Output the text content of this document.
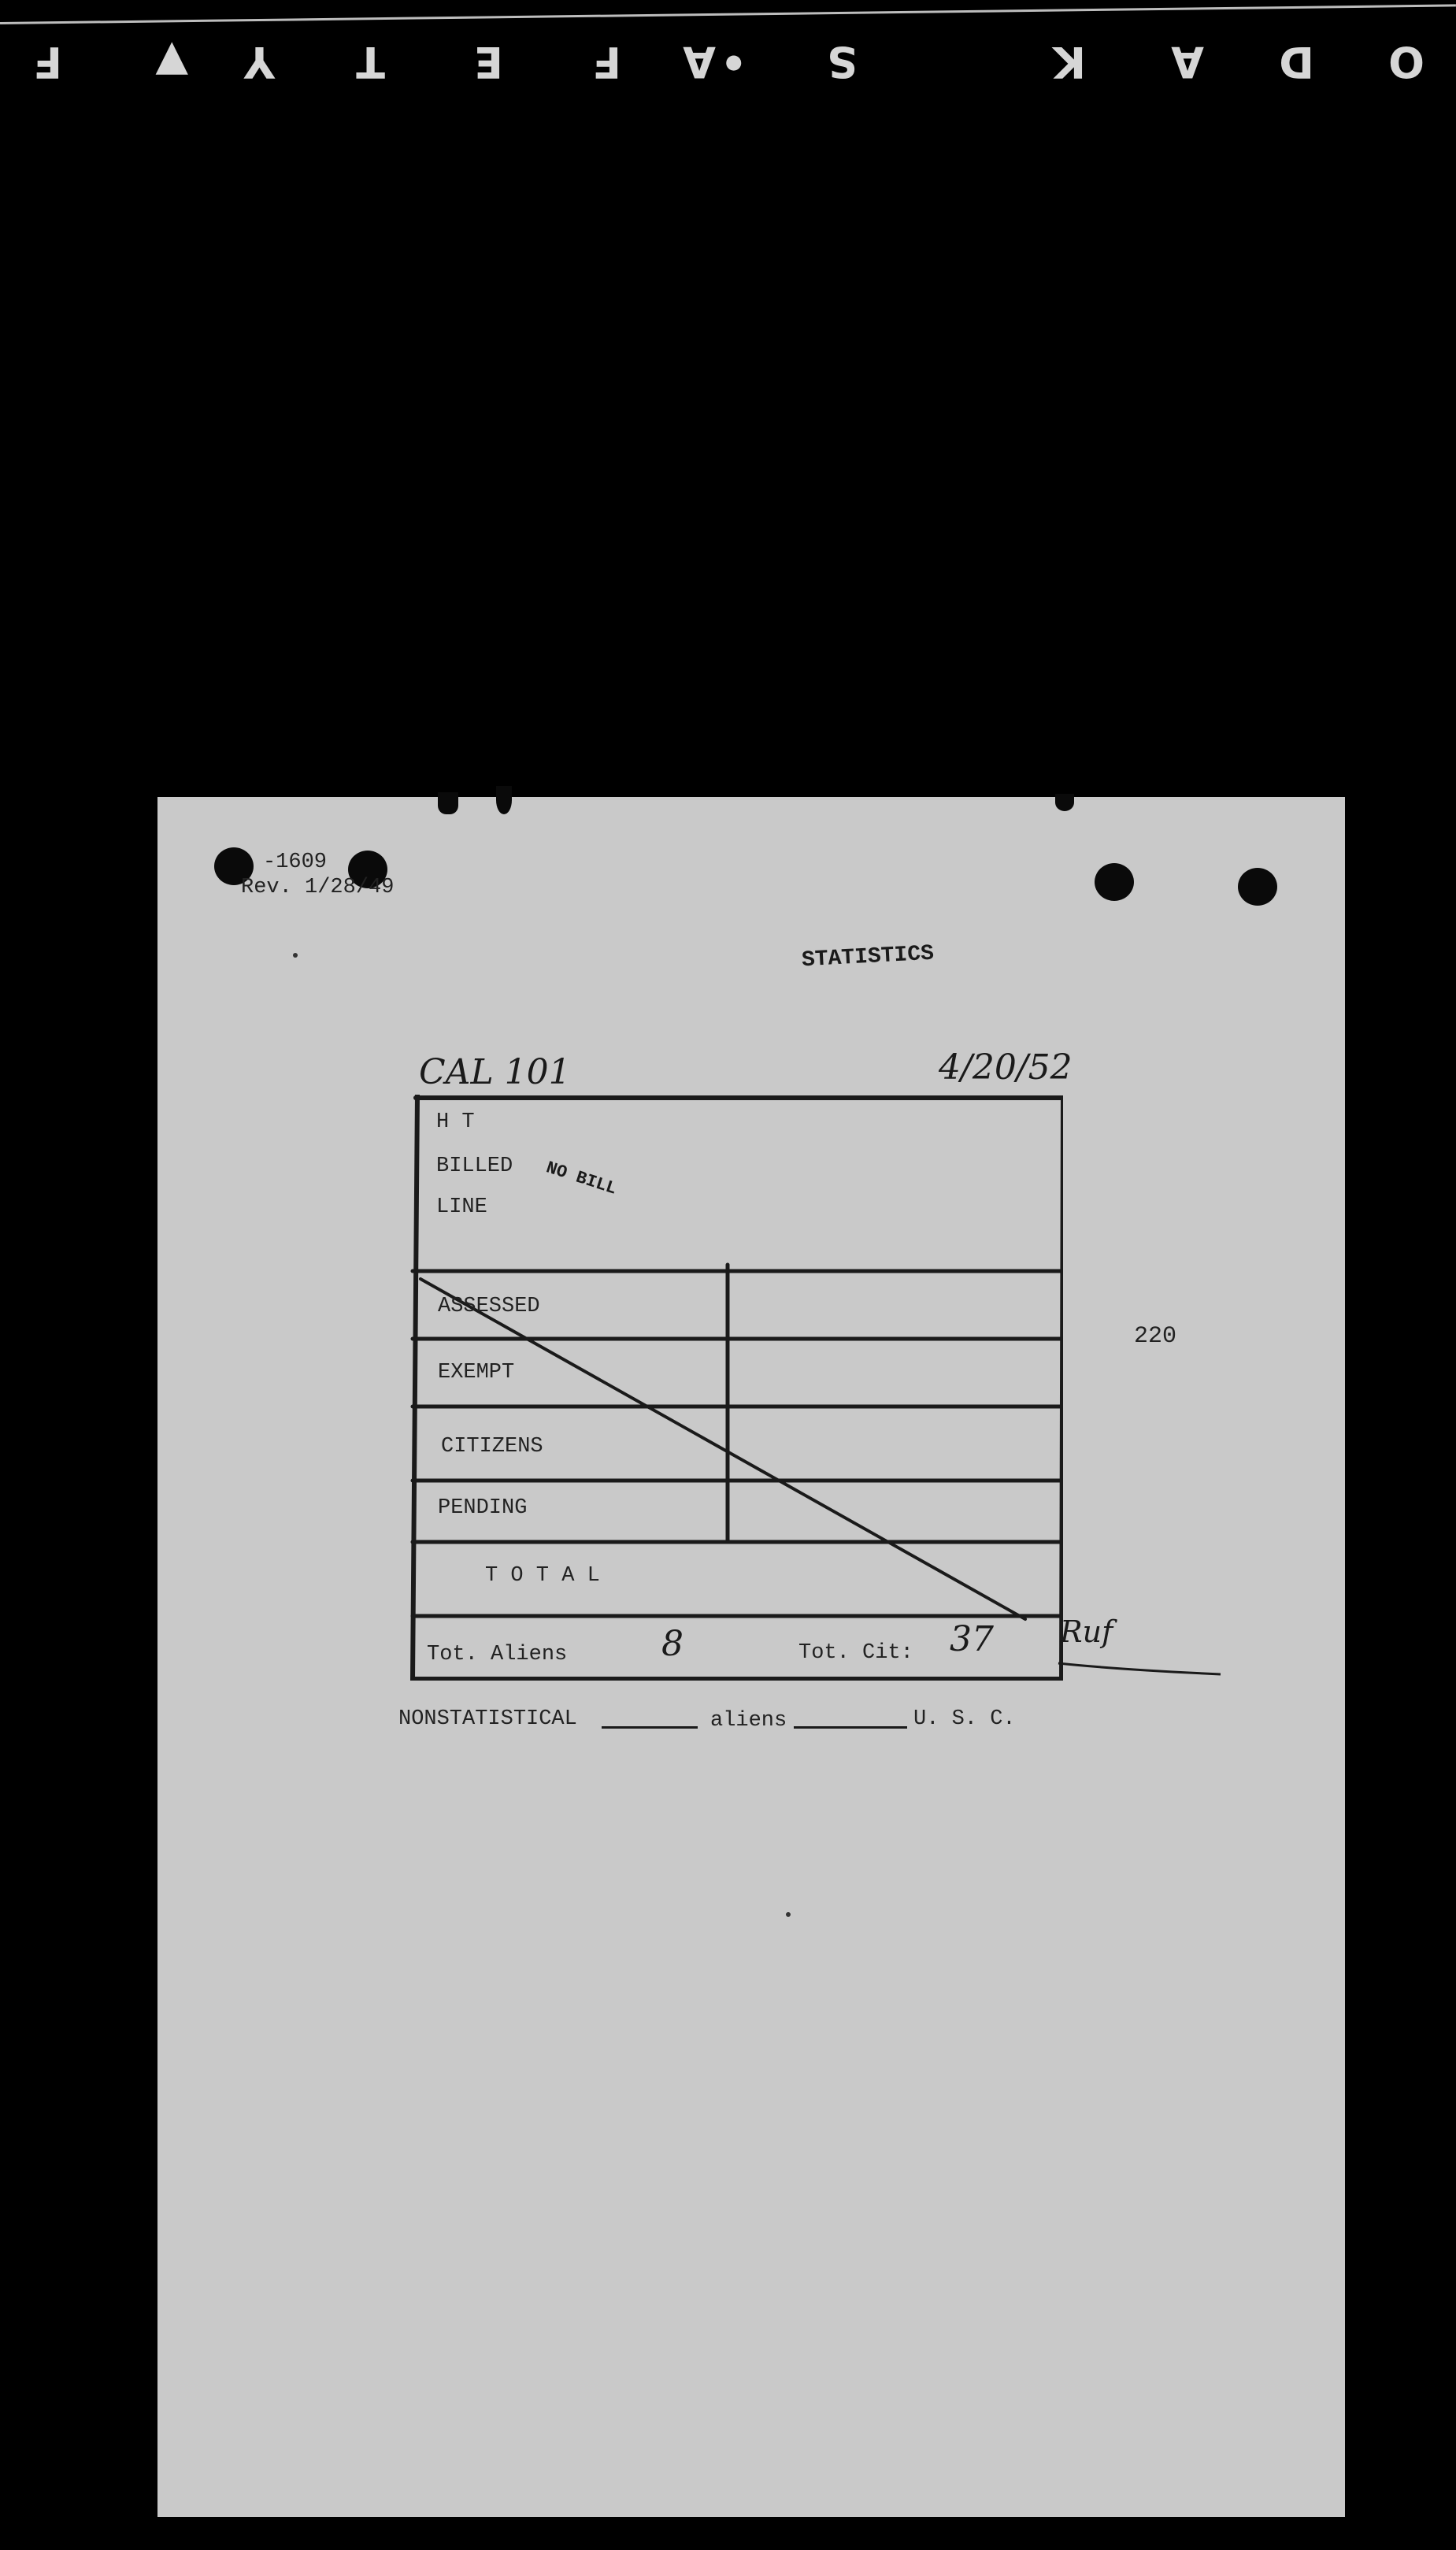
O
D
A
K
S
•
A
F
E
T
Y
▼
F
-1609
Rev. 1/28/49
STATISTICS
CAL 101	4/20/52
H T
BILLED
LINE
NO BILL
ASSESSED
EXEMPT
CITIZENS
PENDING
T O T A L
Tot. Aliens	8	Tot. Cit: 37 Ruf
220
NONSTATISTICAL	aliens	U. S. C.
